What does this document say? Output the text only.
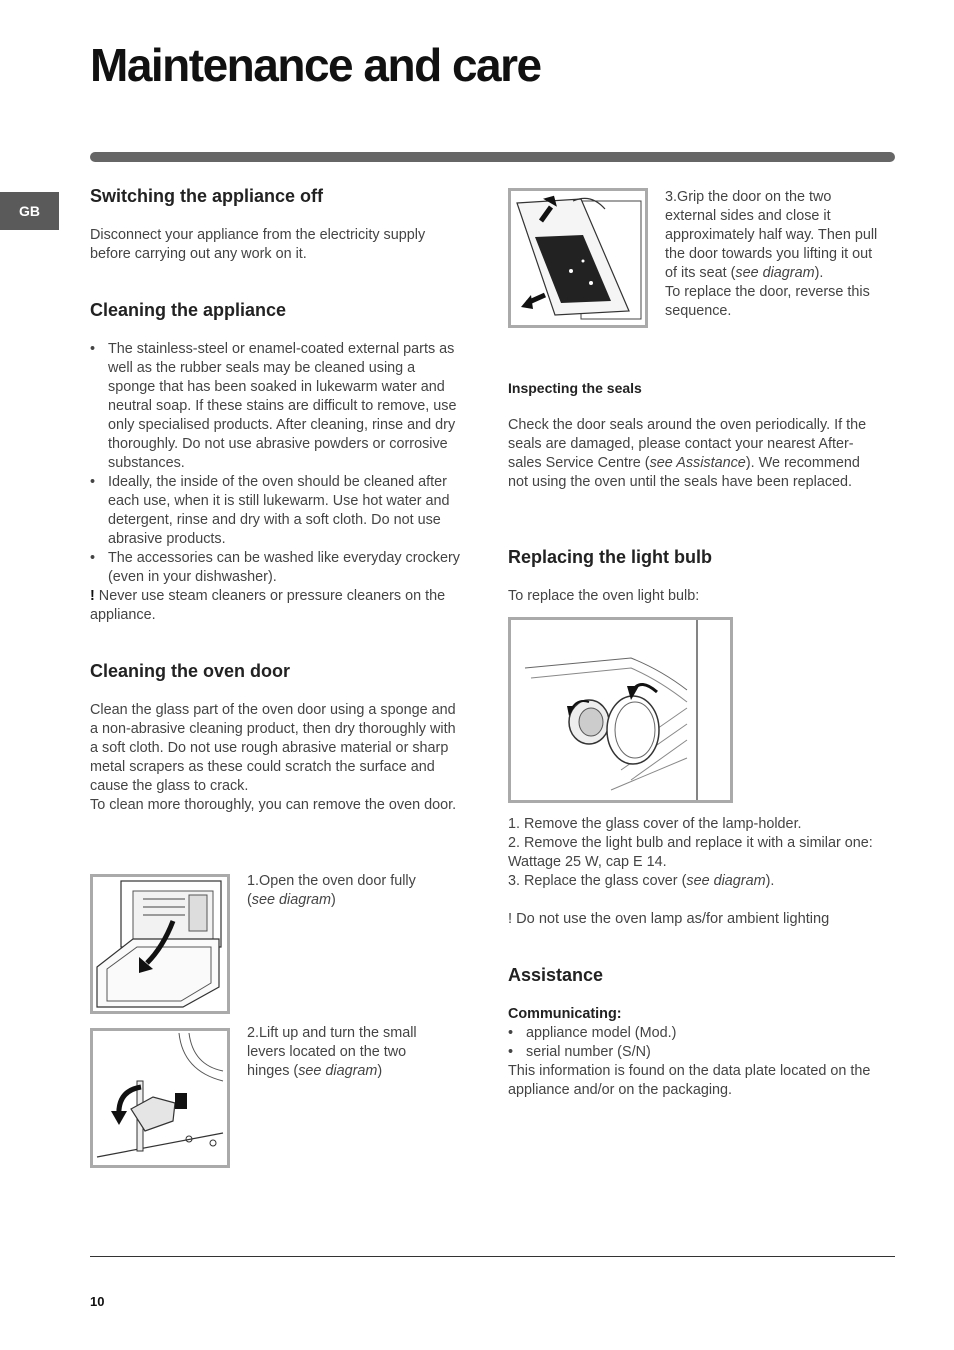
Maintenance and care
GB
Switching the appliance off

Disconnect your appliance from the electricity supply before carrying out any work on it.

Cleaning the appliance
• The stainless-steel or enamel-coated external parts as well as the rubber seals may be cleaned using a sponge that has been soaked in lukewarm water and neutral soap. If these stains are difficult to remove, use only specialised products. After cleaning, rinse and dry thoroughly. Do not use abrasive powders or corrosive substances.
• Ideally, the inside of the oven should be cleaned after each use, when it is still lukewarm. Use hot water and detergent, rinse and dry with a soft cloth. Do not use abrasive products.
• The accessories can be washed like everyday crockery (even in your dishwasher).

! Never use steam cleaners or pressure cleaners on the appliance.

Cleaning the oven door

Clean the glass part of the oven door using a sponge and a non-abrasive cleaning product, then dry thoroughly with a soft cloth. Do not use rough abrasive material or sharp metal scrapers as these could scratch the surface and cause the glass to crack.

To clean more thoroughly, you can remove the oven door.

1.Open the oven door fully (see diagram)

2.Lift up and turn the small levers located on the two hinges (see diagram)

3.Grip the door on the two external sides and close it approximately half way. Then pull the door towards you lifting it out of its seat (see diagram).

To replace the door, reverse this sequence.

Inspecting the seals

Check the door seals around the oven periodically. If the seals are damaged, please contact your nearest After-sales Service Centre (see Assistance). We recommend not using the oven until the seals have been replaced.

Replacing the light bulb

To replace the oven light bulb:

1. Remove the glass cover of the lamp-holder.

2. Remove the light bulb and replace it with a similar one: Wattage 25 W, cap E 14.

3. Replace the glass cover (see diagram).

! Do not use the oven lamp as/for ambient lighting

Assistance

Communicating:

• appliance model (Mod.)
• serial number (S/N)

This information is found on the data plate located on the appliance and/or on the packaging.

10
